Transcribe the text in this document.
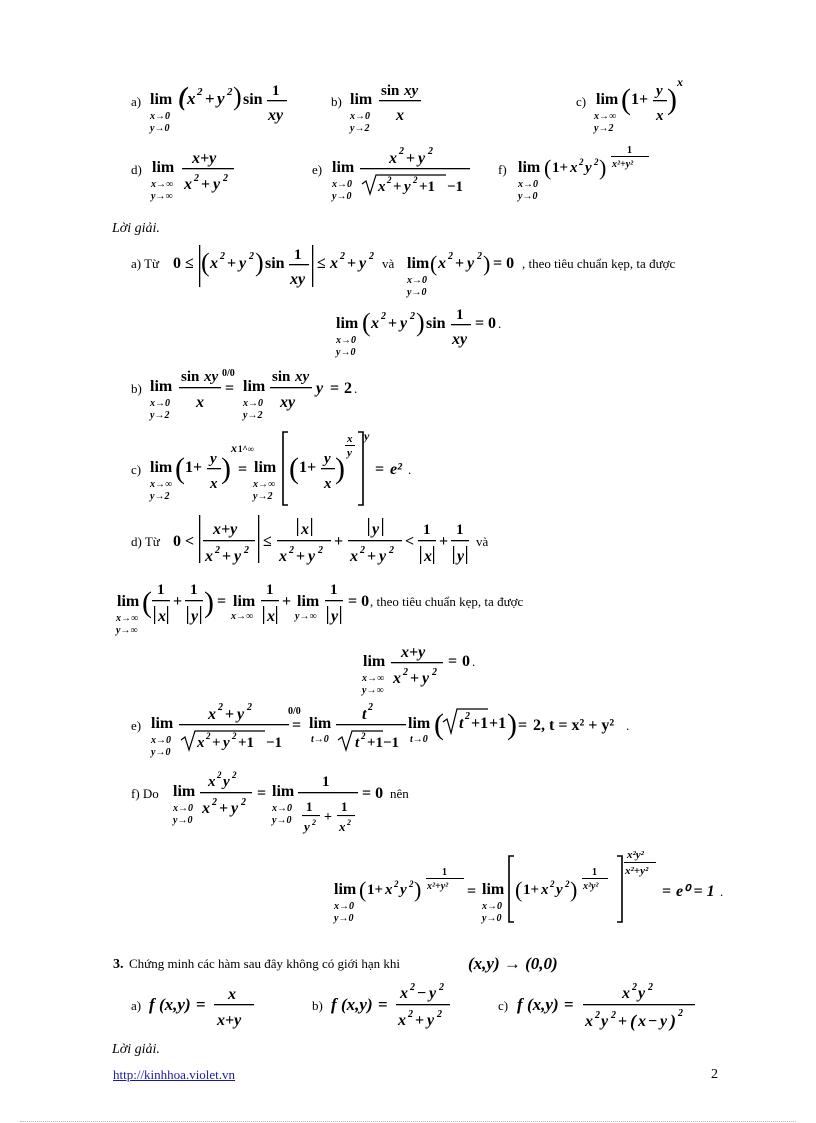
a) lim
x→0
y→0
( x 2 + y 2 ) sin 1
xy
b) lim
x→0
y→2
sin xy
x
c) lim
x→∞
y→2
( 1+ y
x )
x
d) lim
x→∞
y→∞
x+y
x 2 + y 2
e) lim
x→0
y→0
x 2 + y 2
x 2 + y 2 +1 −1
f) lim
x→0
y→0
( 1+ x 2 y 2 )
1
x²+y²
Lời giải.
a) Từ 0 ≤ ( x 2 + y 2 ) sin 1
xy
≤ x 2 + y 2 và lim
x→0
y→0
( x 2 + y 2 ) = 0 , theo tiêu chuẩn kẹp, ta được
lim
x→0
y→0
( x 2 + y 2 ) sin 1
xy
= 0 .
b) lim
x→0
y→2
sin xy
x
0/0
= lim
x→0
y→2
sin xy
xy
y = 2 .
c) lim
x→∞
y→2
( 1+ y
x )
x 1^∞
= lim
x→∞
y→2
( 1+ y
x )
x
y
y
= e² .
d) Từ 0 <
x+y
x 2 + y 2
≤
x
x 2 + y 2
+
y
x 2 + y 2
<
1
x
+
1
y
và
lim
x→∞
y→∞
( 1
x
+
1
y ) = lim
x→∞
1
x
+ lim
y→∞
1
y
= 0 , theo tiêu chuẩn kẹp, ta được
lim
x→∞
y→∞
x+y
x 2 + y 2
= 0 .
e) lim
x→0
y→0
x 2 + y 2
x 2 + y 2 +1 −1
0/0
= lim
t→0
t 2
t 2 +1 −1
lim
t→0 ( t 2 +1 +1 ) = 2, t = x² + y² .
f) Do lim
x→0
y→0
x 2 y 2
x 2 + y 2
= lim
x→0
y→0
1
1
y 2 +
1
x 2
= 0 nên
lim
x→0
y→0
( 1+ x 2 y 2 )
1
x²+y² = lim
x→0
y→0
( 1+ x 2 y 2 )
1
x²y²
x²y²
x²+y²
= e⁰ = 1 .
3. Chứng minh các hàm sau đây không có giới hạn khi	(x,y) → (0,0)
a) f (x,y) =
x
x+y
b) f (x,y) =
x 2 − y 2
x 2 + y 2
c) f (x,y) =
x 2 y 2
x 2 y 2 + ( x − y ) 2
Lời giải.
http://kinhhoa.violet.vn	2
